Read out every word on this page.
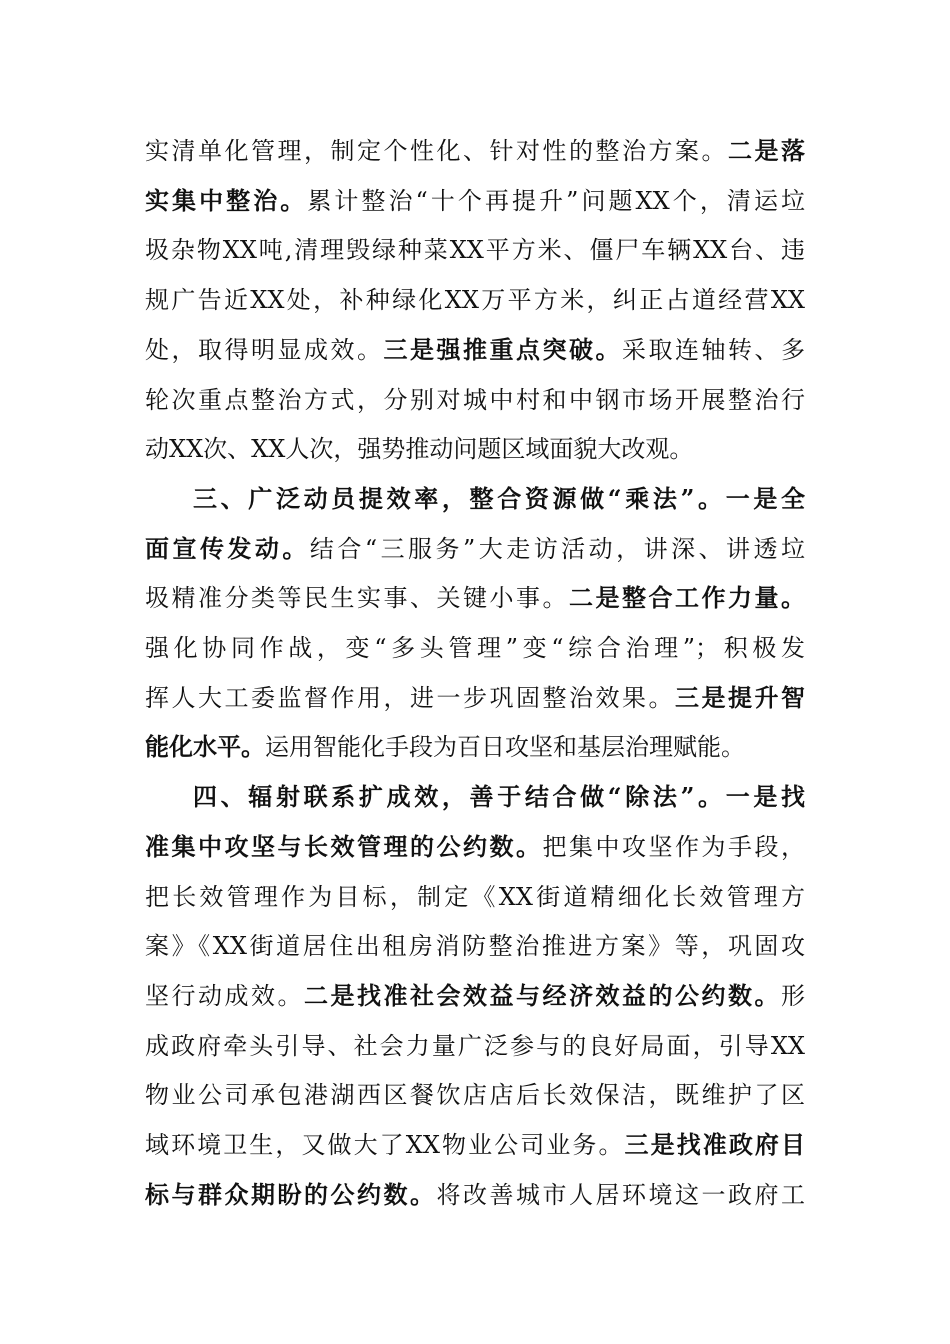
实清单化管理，制定个性化、针对性的整治方案。二是落
实集中整治。累计整治“十个再提升”问题XX个，清运垃
圾杂物XX吨,清理毁绿种菜XX平方米、僵尸车辆XX台、违
规广告近XX处，补种绿化XX万平方米，纠正占道经营XX
处，取得明显成效。三是强推重点突破。采取连轴转、多
轮次重点整治方式，分别对城中村和中钢市场开展整治行
动XX次、XX人次，强势推动问题区域面貌大改观。
三、广泛动员提效率，整合资源做“乘法”。一是全
面宣传发动。结合“三服务”大走访活动，讲深、讲透垃
圾精准分类等民生实事、关键小事。二是整合工作力量。
强化协同作战，变“多头管理”变“综合治理”；积极发
挥人大工委监督作用，进一步巩固整治效果。三是提升智
能化水平。运用智能化手段为百日攻坚和基层治理赋能。
四、辐射联系扩成效，善于结合做“除法”。一是找
准集中攻坚与长效管理的公约数。把集中攻坚作为手段，
把长效管理作为目标，制定《XX街道精细化长效管理方
案》《XX街道居住出租房消防整治推进方案》等，巩固攻
坚行动成效。二是找准社会效益与经济效益的公约数。形
成政府牵头引导、社会力量广泛参与的良好局面，引导XX
物业公司承包港湖西区餐饮店店后长效保洁，既维护了区
域环境卫生，又做大了XX物业公司业务。三是找准政府目
标与群众期盼的公约数。将改善城市人居环境这一政府工
